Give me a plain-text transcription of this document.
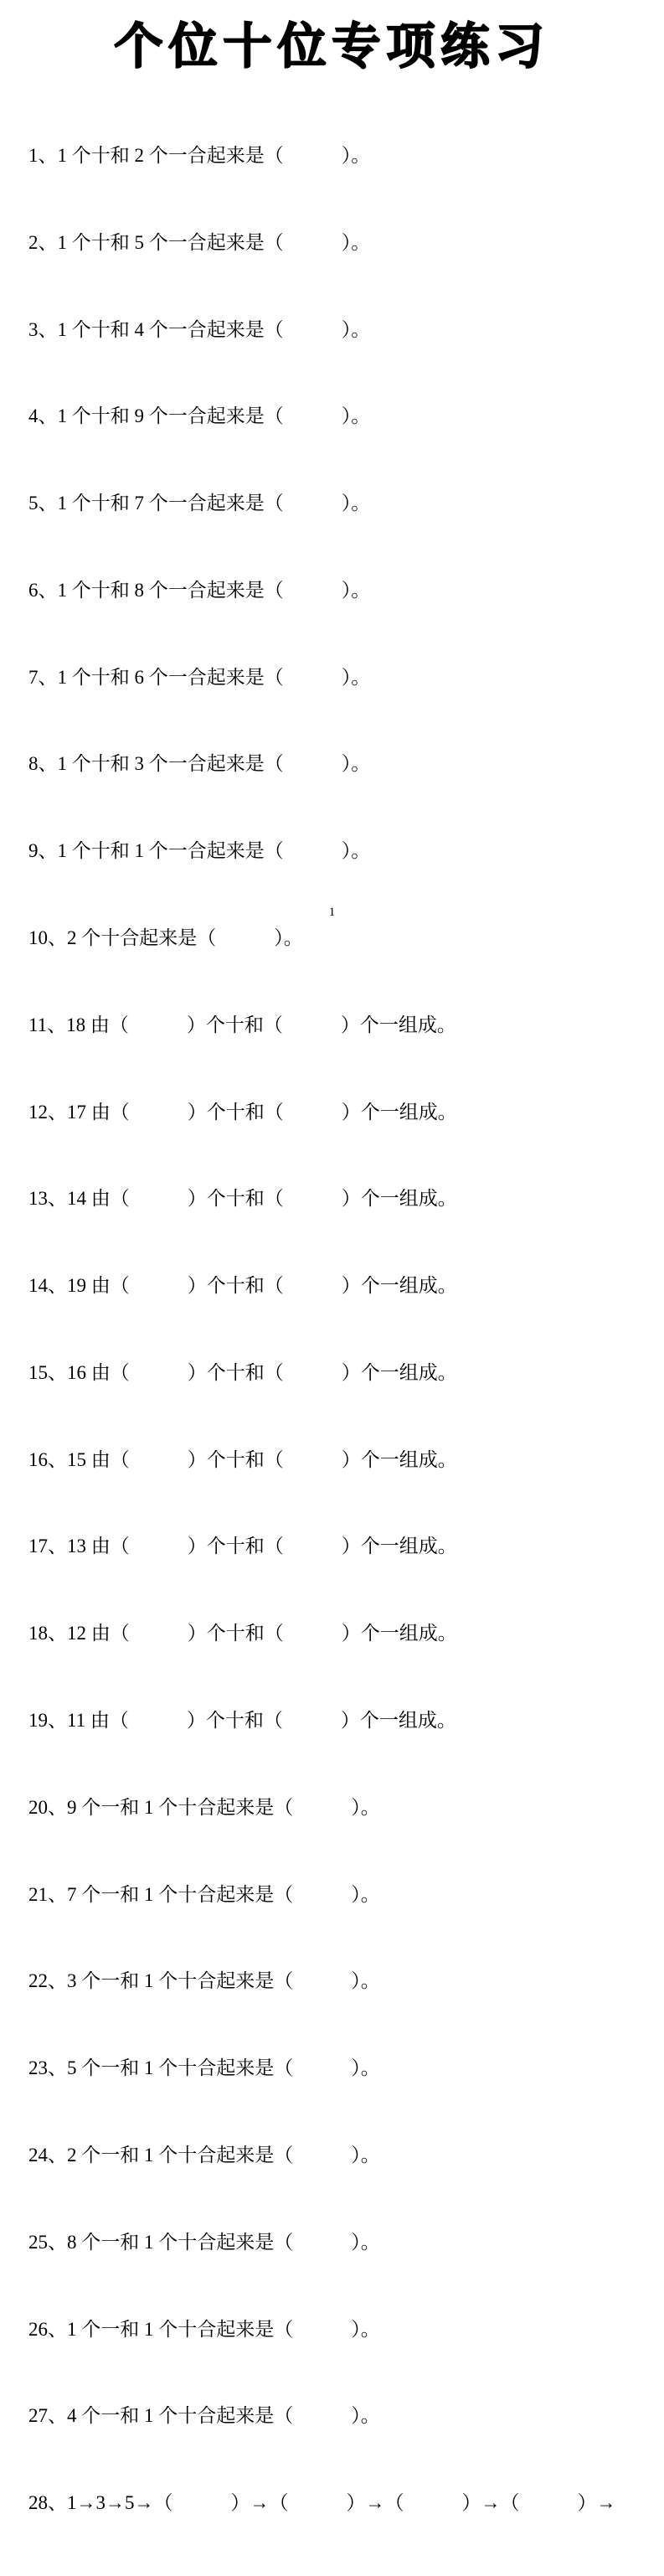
个位十位专项练习

1、1 个十和 2 个一合起来是（　　　）。

2、1 个十和 5 个一合起来是（　　　）。

3、1 个十和 4 个一合起来是（　　　）。

4、1 个十和 9 个一合起来是（　　　）。

5、1 个十和 7 个一合起来是（　　　）。

6、1 个十和 8 个一合起来是（　　　）。

7、1 个十和 6 个一合起来是（　　　）。

8、1 个十和 3 个一合起来是（　　　）。

9、1 个十和 1 个一合起来是（　　　）。

10、2 个十合起来是（　　　）。

11、18 由（　　　）个十和（　　　）个一组成。

12、17 由（　　　）个十和（　　　）个一组成。

13、14 由（　　　）个十和（　　　）个一组成。

14、19 由（　　　）个十和（　　　）个一组成。

15、16 由（　　　）个十和（　　　）个一组成。

16、15 由（　　　）个十和（　　　）个一组成。

17、13 由（　　　）个十和（　　　）个一组成。

18、12 由（　　　）个十和（　　　）个一组成。

19、11 由（　　　）个十和（　　　）个一组成。

20、9 个一和 1 个十合起来是（　　　）。

21、7 个一和 1 个十合起来是（　　　）。

22、3 个一和 1 个十合起来是（　　　）。

23、5 个一和 1 个十合起来是（　　　）。

24、2 个一和 1 个十合起来是（　　　）。

25、8 个一和 1 个十合起来是（　　　）。

26、1 个一和 1 个十合起来是（　　　）。

27、4 个一和 1 个十合起来是（　　　）。

28、1→3→5→（　　　）→（　　　）→（　　　）→（　　　）→

1
